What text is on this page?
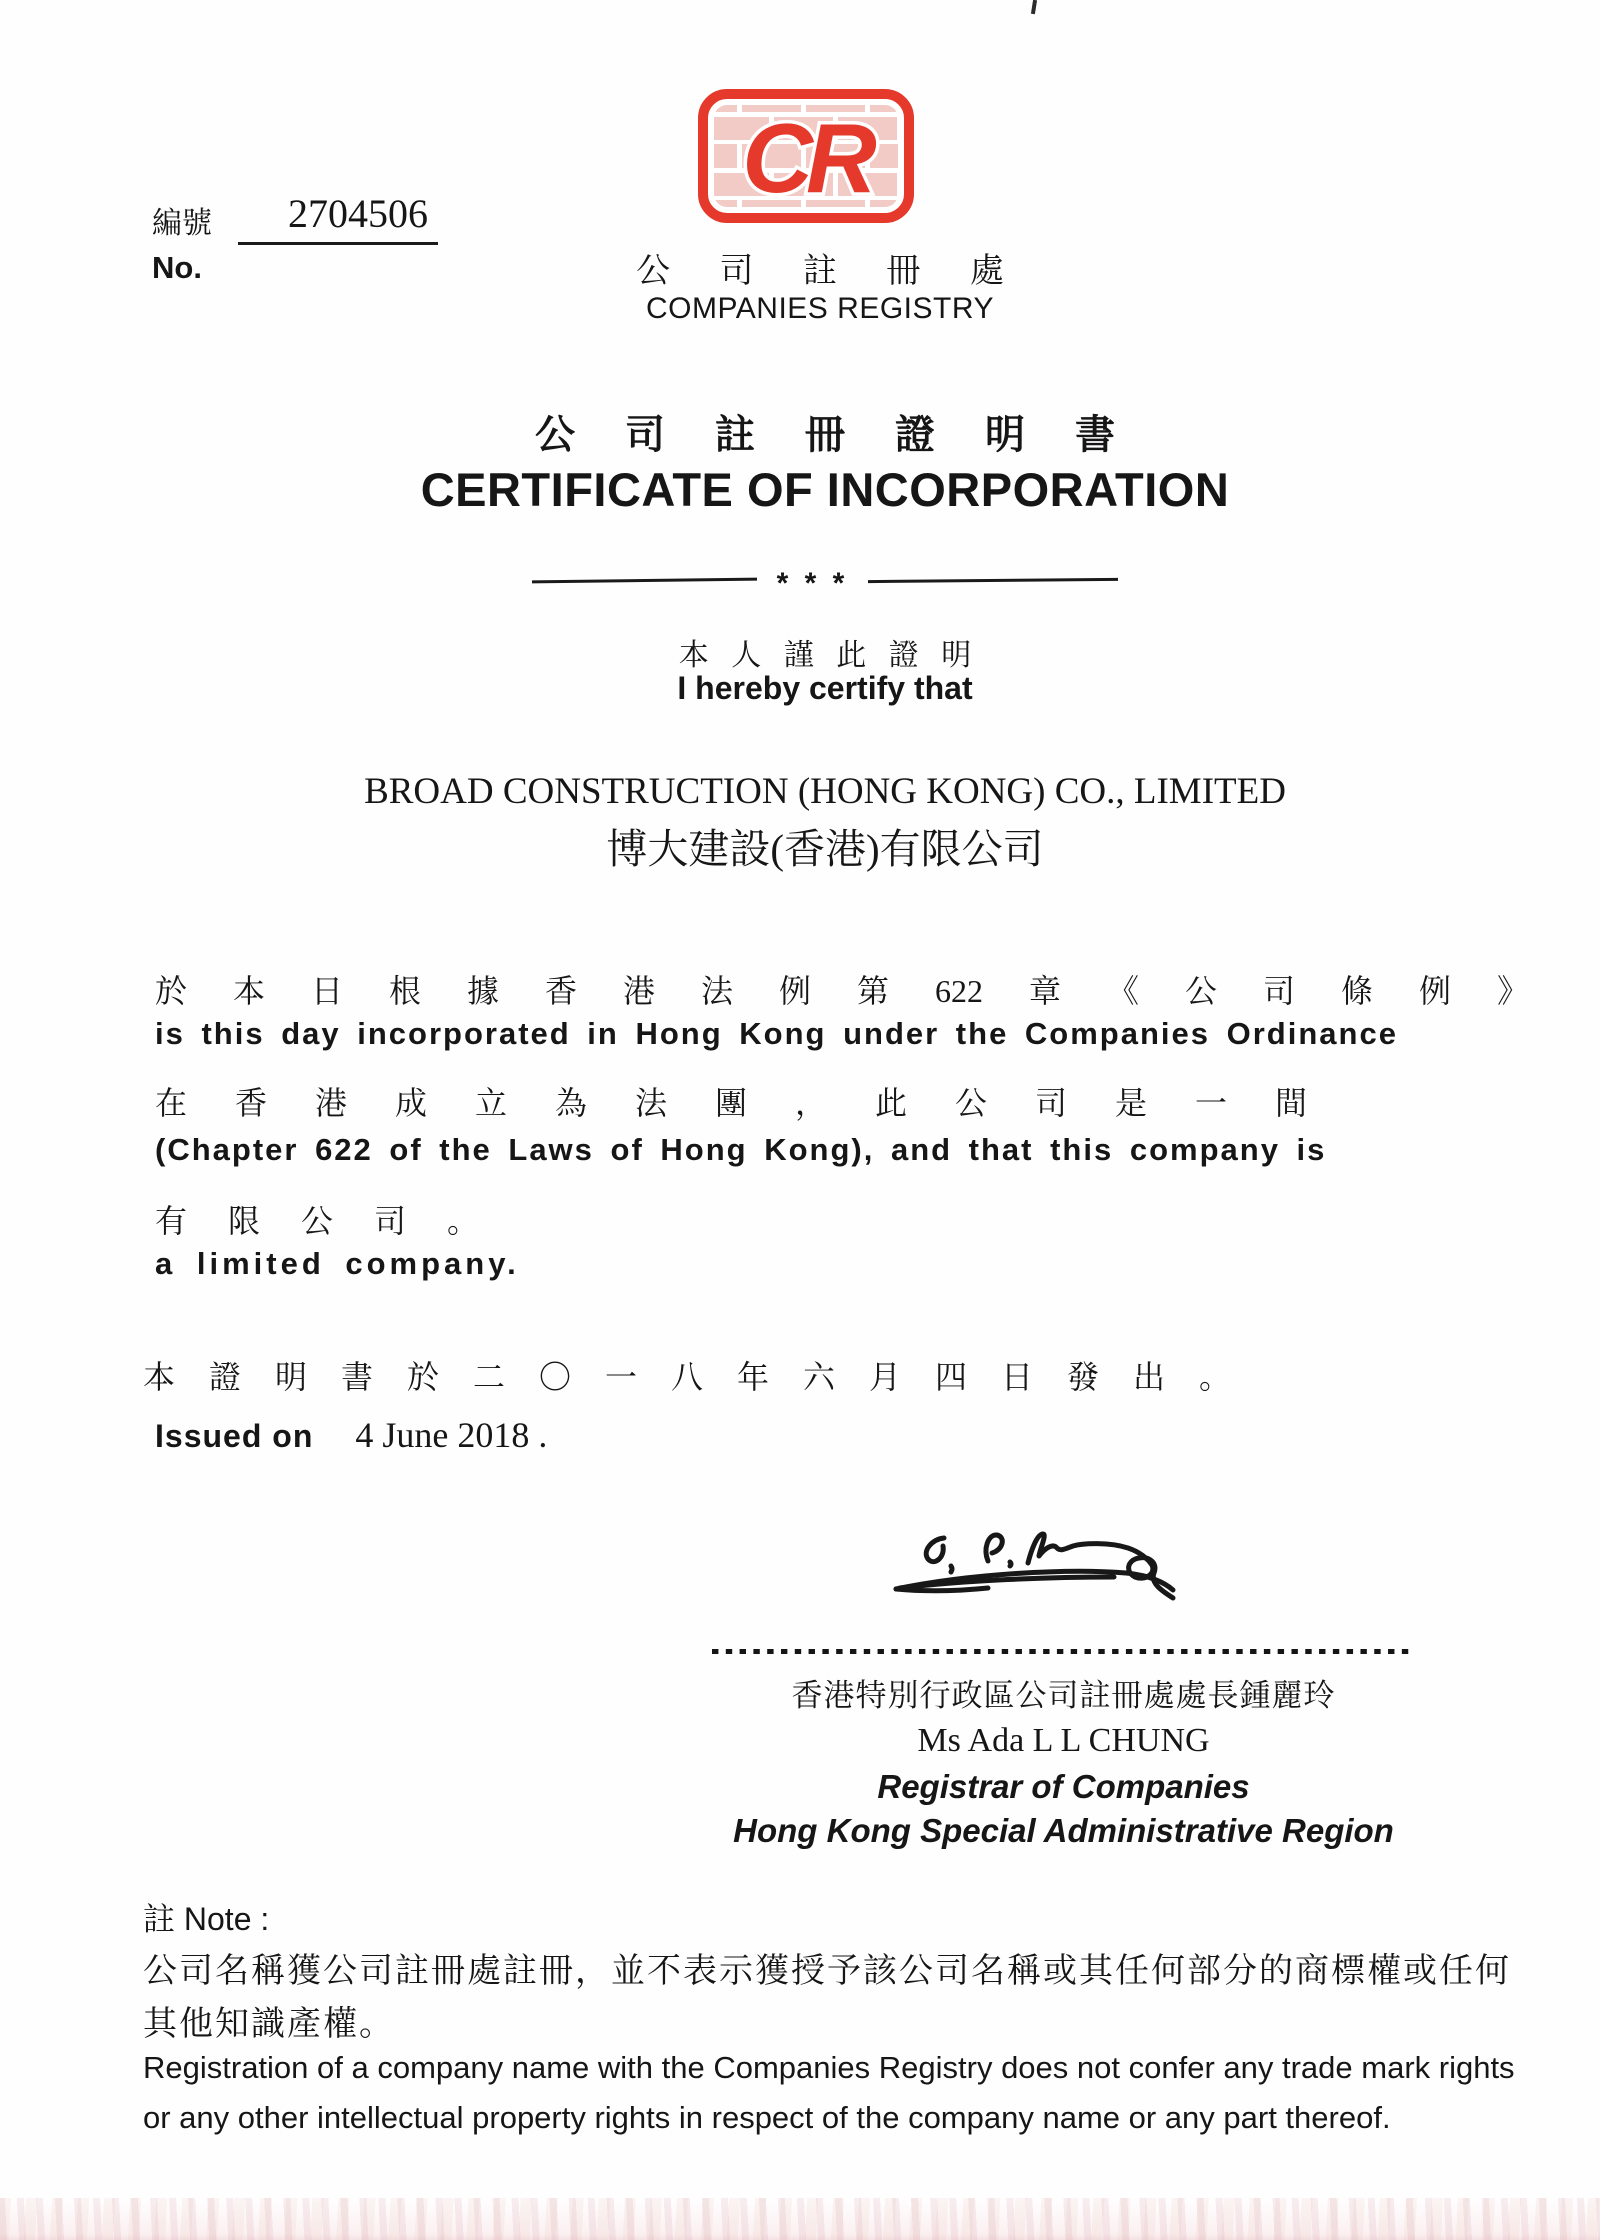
編號	2704506
No.
CR
公 司 註 冊 處
COMPANIES REGISTRY
公 司 註 冊 證 明 書
CERTIFICATE OF INCORPORATION
* * *
本 人 謹 此 證 明
I hereby certify that
BROAD CONSTRUCTION (HONG KONG) CO., LIMITED
博大建設(香港)有限公司
於 本 日 根 據 香 港 法 例 第 622 章 《 公 司 條 例 》
is this day incorporated in Hong Kong under the Companies Ordinance
在 香 港 成 立 為 法 團 ， 此 公 司 是 一 間
(Chapter 622 of the Laws of Hong Kong), and that this company is
有 限 公 司 。
a limited company.
本 證 明 書 於 二 〇 一 八 年 六 月 四 日 發 出 。
Issued on 4 June 2018 .
香港特別行政區公司註冊處處長鍾麗玲
Ms Ada L L CHUNG
Registrar of Companies
Hong Kong Special Administrative Region
註 Note :
公司名稱獲公司註冊處註冊，並不表示獲授予該公司名稱或其任何部分的商標權或任何
其他知識產權。
Registration of a company name with the Companies Registry does not confer any trade mark rights
or any other intellectual property rights in respect of the company name or any part thereof.
